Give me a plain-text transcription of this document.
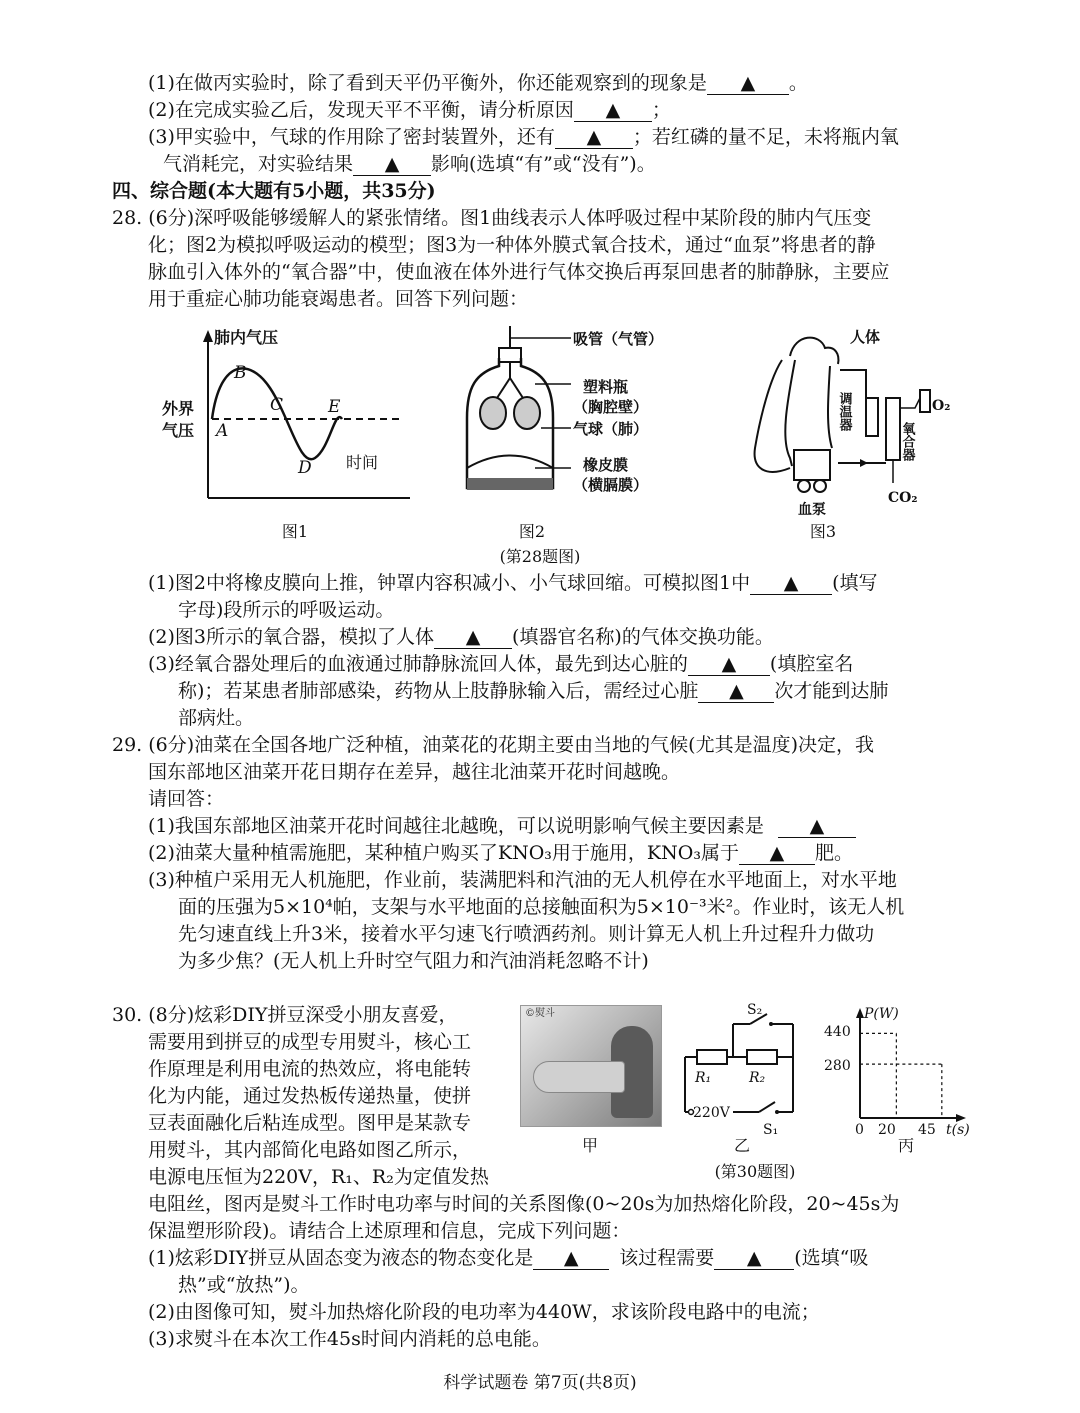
(1)在做丙实验时，除了看到天平仍平衡外，你还能观察到的现象是 ▲ 。
(2)在完成实验乙后，发现天平不平衡，请分析原因 ▲ ；
(3)甲实验中，气球的作用除了密封装置外，还有 ▲ ；若红磷的量不足，未将瓶内氧
气消耗完，对实验结果 ▲ 影响(选填“有”或“没有”)。
四、综合题(本大题有5小题，共35分)
28. (6分)深呼吸能够缓解人的紧张情绪。图1曲线表示人体呼吸过程中某阶段的肺内气压变
化；图2为模拟呼吸运动的模型；图3为一种体外膜式氧合技术，通过“血泵”将患者的静
脉血引入体外的“氧合器”中，使血液在体外进行气体交换后再泵回患者的肺静脉，主要应
用于重症心肺功能衰竭患者。回答下列问题：
肺内气压
时间
外界
气压 A
B
C
D
E
图1
吸管（气管）
塑料瓶
（胸腔壁）
气球（肺）
橡皮膜
（横膈膜）
图2
人体
O₂
CO₂
血泵
调温器
氧合器
图3
(第28题图)
(1)图2中将橡皮膜向上推，钟罩内容积减小、小气球回缩。可模拟图1中 ▲ (填写
字母)段所示的呼吸运动。
(2)图3所示的氧合器，模拟了人体 ▲ (填器官名称)的气体交换功能。
(3)经氧合器处理后的血液通过肺静脉流回人体，最先到达心脏的 ▲ (填腔室名
称)；若某患者肺部感染，药物从上肢静脉输入后，需经过心脏 ▲ 次才能到达肺
部病灶。
29. (6分)油菜在全国各地广泛种植，油菜花的花期主要由当地的气候(尤其是温度)决定，我
国东部地区油菜开花日期存在差异，越往北油菜开花时间越晚。
请回答：
(1)我国东部地区油菜开花时间越往北越晚，可以说明影响气候主要因素是 ▲
(2)油菜大量种植需施肥，某种植户购买了KNO₃用于施用，KNO₃属于 ▲ 肥。
(3)种植户采用无人机施肥，作业前，装满肥料和汽油的无人机停在水平地面上，对水平地
面的压强为5×10⁴帕，支架与水平地面的总接触面积为5×10⁻³米²。作业时，该无人机
先匀速直线上升3米，接着水平匀速飞行喷洒药剂。则计算无人机上升过程升力做功
为多少焦？(无人机上升时空气阻力和汽油消耗忽略不计)
30. (8分)炫彩DIY拼豆深受小朋友喜爱，
需要用到拼豆的成型专用熨斗，核心工
作原理是利用电流的热效应，将电能转
化为内能，通过发热板传递热量，使拼
豆表面融化后粘连成型。图甲是某款专
用熨斗，其内部简化电路如图乙所示，
电源电压恒为220V，R₁、R₂为定值发热
电阻丝，图丙是熨斗工作时电功率与时间的关系图像(0~20s为加热熔化阶段，20~45s为
保温塑形阶段)。请结合上述原理和信息，完成下列问题：
©熨斗
甲
S₂
R₁	R₂
220V
S₁
乙
P(W)
t(s)
440
280
0 20 45
丙
(第30题图)
(1)炫彩DIY拼豆从固态变为液态的物态变化是 ▲ 该过程需要 ▲ (选填“吸
热”或“放热”)。
(2)由图像可知，熨斗加热熔化阶段的电功率为440W，求该阶段电路中的电流；
(3)求熨斗在本次工作45s时间内消耗的总电能。
科学试题卷 第7页(共8页)
